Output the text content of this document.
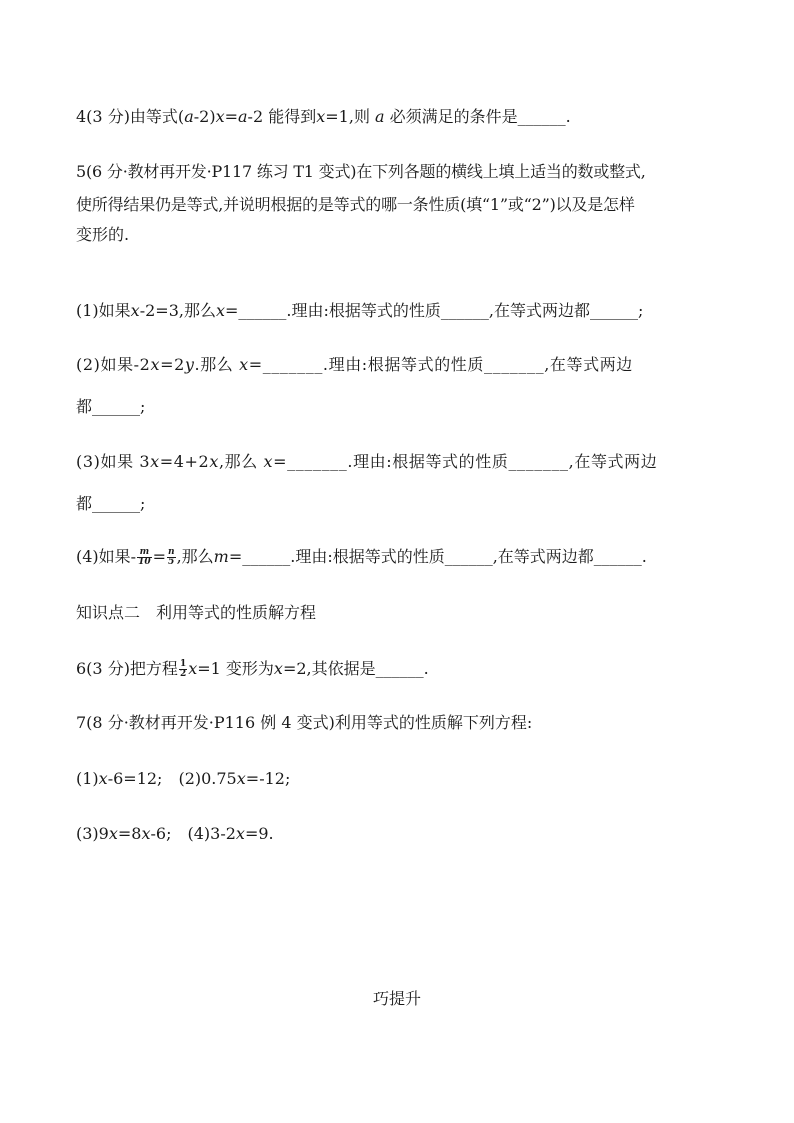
4(3 分)由等式(a-2)x=a-2 能得到x=1,则 a 必须满足的条件是______.
5(6 分·教材再开发·P117 练习 T1 变式)在下列各题的横线上填上适当的数或整式,
使所得结果仍是等式,并说明根据的是等式的哪一条性质(填“1”或“2”)以及是怎样
变形的.
(1)如果x-2=3,那么x=______.理由:根据等式的性质______,在等式两边都______;
(2)如果-2x=2y.那么 x=_______.理由:根据等式的性质_______,在等式两边
都______;
(3)如果 3x=4+2x,那么 x=_______.理由:根据等式的性质_______,在等式两边
都______;
(4)如果- $\frac{m}{10} = \frac{n}{5}$ ,那么m=______.理由:根据等式的性质______,在等式两边都______.
知识点二　利用等式的性质解方程
6(3 分)把方程 $\frac{1}{2} x=1$ 变形为x=2,其依据是______.
7(8 分·教材再开发·P116 例 4 变式)利用等式的性质解下列方程:
(1)x-6=12;　(2)0.75x=-12;
(3)9x=8x-6;　(4)3-2x=9.
巧提升
